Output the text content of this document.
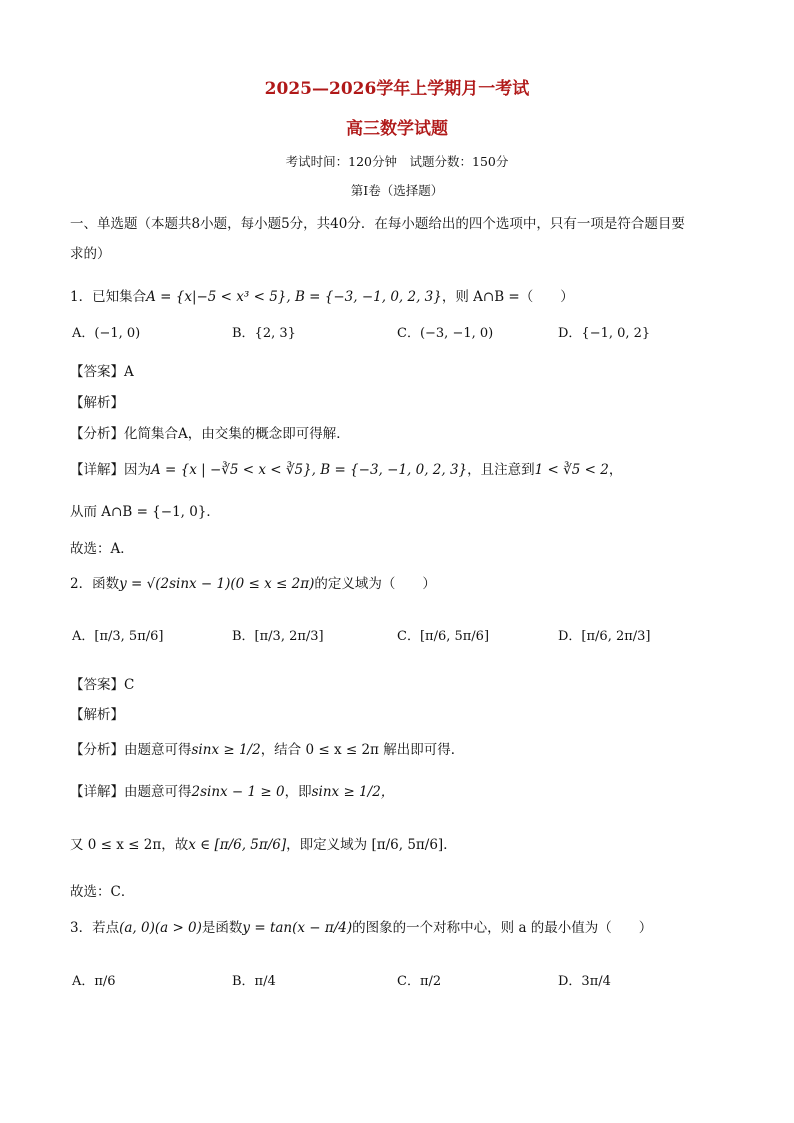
2025—2026学年上学期月一考试
高三数学试题
考试时间：120分钟　试题分数：150分
第Ⅰ卷（选择题）
一、单选题（本题共8小题，每小题5分，共40分．在每小题给出的四个选项中，只有一项是符合题目要
求的）
1．已知集合A = {x|−5 < x³ < 5}, B = {−3, −1, 0, 2, 3}，则 A∩B =（　　）
A．(−1, 0)	B．{2, 3}	C．(−3, −1, 0)	D．{−1, 0, 2}
【答案】A
【解析】
【分析】化简集合A，由交集的概念即可得解．
【详解】因为A = {x | −∛5 < x < ∛5}, B = {−3, −1, 0, 2, 3}，且注意到1 < ∛5 < 2，
从而 A∩B = {−1, 0}．
故选：A．
2．函数y = √(2sinx − 1)(0 ≤ x ≤ 2π)的定义域为（　　）
A．[π/3, 5π/6]	B．[π/3, 2π/3]	C．[π/6, 5π/6]	D．[π/6, 2π/3]
【答案】C
【解析】
【分析】由题意可得sinx ≥ 1/2，结合 0 ≤ x ≤ 2π 解出即可得．
【详解】由题意可得2sinx − 1 ≥ 0，即sinx ≥ 1/2，
又 0 ≤ x ≤ 2π，故x ∈ [π/6, 5π/6]，即定义域为 [π/6, 5π/6]．
故选：C．
3．若点(a, 0)(a > 0)是函数y = tan(x − π/4)的图象的一个对称中心，则 a 的最小值为（　　）
A．π/6	B．π/4	C．π/2	D．3π/4
